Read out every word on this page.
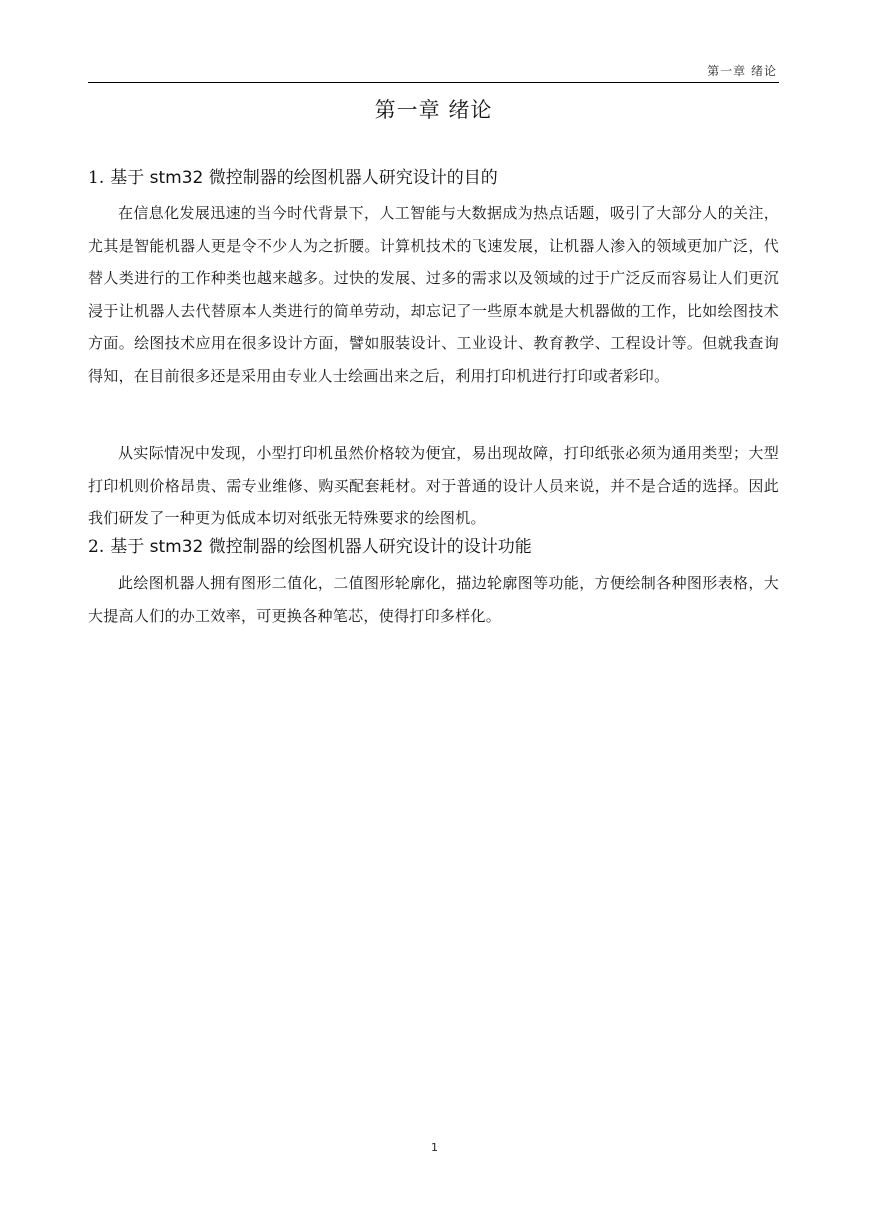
第一章 绪论
第一章 绪论
1. 基于 stm32 微控制器的绘图机器人研究设计的目的

在信息化发展迅速的当今时代背景下，人工智能与大数据成为热点话题，吸引了大部分人的关注，尤其是智能机器人更是令不少人为之折腰。计算机技术的飞速发展，让机器人渗入的领域更加广泛，代替人类进行的工作种类也越来越多。过快的发展、过多的需求以及领域的过于广泛反而容易让人们更沉浸于让机器人去代替原本人类进行的简单劳动，却忘记了一些原本就是大机器做的工作，比如绘图技术方面。绘图技术应用在很多设计方面，譬如服装设计、工业设计、教育教学、工程设计等。但就我查询得知，在目前很多还是采用由专业人士绘画出来之后，利用打印机进行打印或者彩印。

从实际情况中发现，小型打印机虽然价格较为便宜，易出现故障，打印纸张必须为通用类型；大型打印机则价格昂贵、需专业维修、购买配套耗材。对于普通的设计人员来说，并不是合适的选择。因此我们研发了一种更为低成本切对纸张无特殊要求的绘图机。

2. 基于 stm32 微控制器的绘图机器人研究设计的设计功能

此绘图机器人拥有图形二值化，二值图形轮廓化，描边轮廓图等功能，方便绘制各种图形表格，大大提高人们的办工效率，可更换各种笔芯，使得打印多样化。

1
